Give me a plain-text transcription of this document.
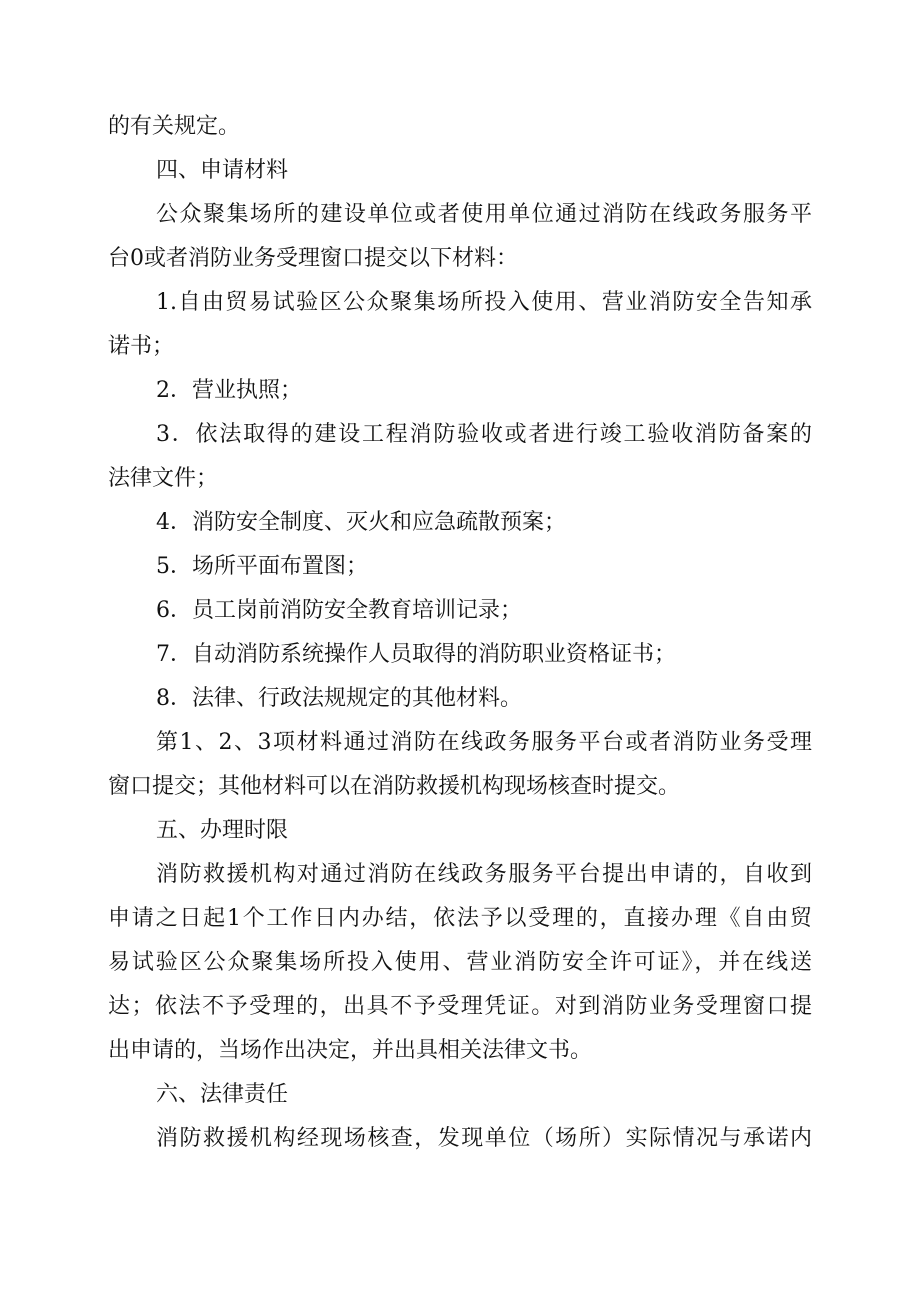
的有关规定。
四、申请材料
公众聚集场所的建设单位或者使用单位通过消防在线政务服务平
台0或者消防业务受理窗口提交以下材料：
1.自由贸易试验区公众聚集场所投入使用、营业消防安全告知承
诺书；
2．营业执照；
3．依法取得的建设工程消防验收或者进行竣工验收消防备案的
法律文件；
4．消防安全制度、灭火和应急疏散预案；
5．场所平面布置图；
6．员工岗前消防安全教育培训记录；
7．自动消防系统操作人员取得的消防职业资格证书；
8．法律、行政法规规定的其他材料。
第1、2、3项材料通过消防在线政务服务平台或者消防业务受理
窗口提交；其他材料可以在消防救援机构现场核查时提交。
五、办理时限
消防救援机构对通过消防在线政务服务平台提出申请的，自收到
申请之日起1个工作日内办结，依法予以受理的，直接办理《自由贸
易试验区公众聚集场所投入使用、营业消防安全许可证》，并在线送
达；依法不予受理的，出具不予受理凭证。对到消防业务受理窗口提
出申请的，当场作出决定，并出具相关法律文书。
六、法律责任
消防救援机构经现场核查，发现单位（场所）实际情况与承诺内
